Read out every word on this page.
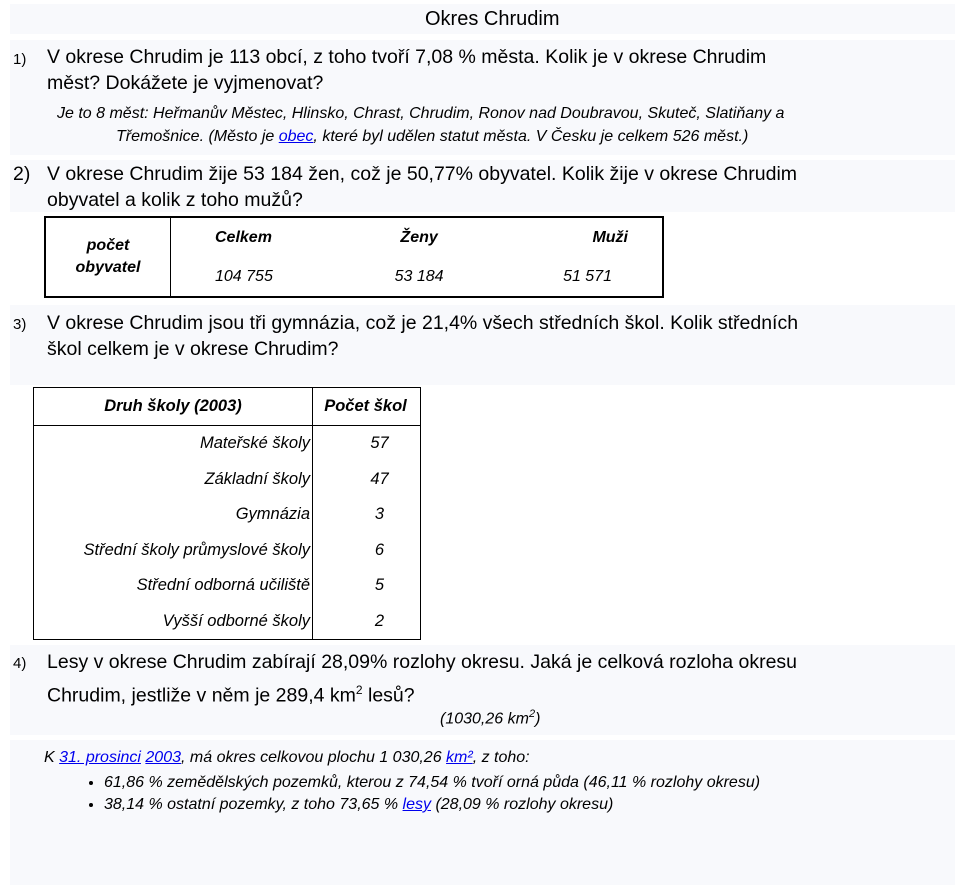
Okres Chrudim
1) V okrese Chrudim je 113 obcí, z toho tvoří 7,08 % města. Kolik je v okrese Chrudim
měst? Dokážete je vyjmenovat?
Je to 8 měst: Heřmanův Městec, Hlinsko, Chrast, Chrudim, Ronov nad Doubravou, Skuteč, Slatiňany a
Třemošnice. (Město je obec, které byl udělen statut města. V Česku je celkem 526 měst.)
2) V okrese Chrudim žije 53 184 žen, což je 50,77% obyvatel. Kolik žije v okrese Chrudim
obyvatel a kolik z toho mužů?
počet
obyvatel	Celkem	Ženy	Muži
	104 755	53 184	51 571
3) V okrese Chrudim jsou tři gymnázia, což je 21,4% všech středních škol. Kolik středních
škol celkem je v okrese Chrudim?
Druh školy (2003)	Počet škol
Mateřské školy	57
Základní školy	47
Gymnázia	3
Střední školy průmyslové školy	6
Střední odborná učiliště	5
Vyšší odborné školy	2
4) Lesy v okrese Chrudim zabírají 28,09% rozlohy okresu. Jaká je celková rozloha okresu
Chrudim, jestliže v něm je 289,4 $km^2$ lesů?
(1030,26 $km^2$)
K 31. prosinci 2003, má okres celkovou plochu 1 030,26 km², z toho:
• 61,86 % zemědělských pozemků, kterou z 74,54 % tvoří orná půda (46,11 % rozlohy okresu)
• 38,14 % ostatní pozemky, z toho 73,65 % lesy (28,09 % rozlohy okresu)
